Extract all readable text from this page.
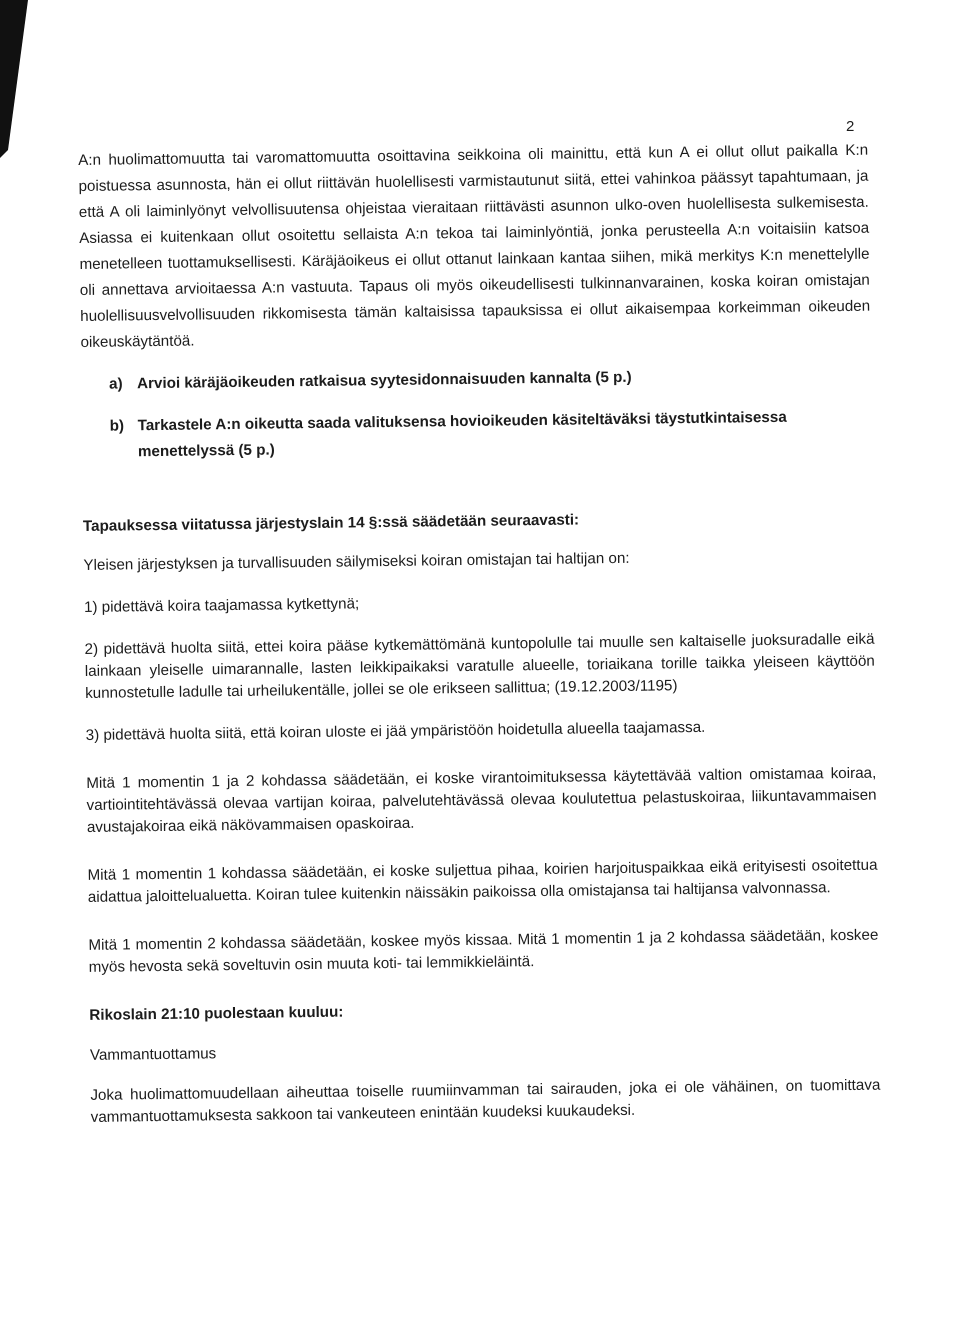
2

A:n huolimattomuutta tai varomattomuutta osoittavina seikkoina oli mainittu, että kun A ei ollut ollut paikalla K:n poistuessa asunnosta, hän ei ollut riittävän huolellisesti varmistautunut siitä, ettei vahinkoa päässyt tapahtumaan, ja että A oli laiminlyönyt velvollisuutensa ohjeistaa vieraitaan riittävästi asunnon ulko-oven huolellisesta sulkemisesta. Asiassa ei kuitenkaan ollut osoitettu sellaista A:n tekoa tai laiminlyöntiä, jonka perusteella A:n voitaisiin katsoa menetelleen tuottamuksellisesti. Käräjäoikeus ei ollut ottanut lainkaan kantaa siihen, mikä merkitys K:n menettelylle oli annettava arvioitaessa A:n vastuuta. Tapaus oli myös oikeudellisesti tulkinnanvarainen, koska koiran omistajan huolellisuusvelvollisuuden rikkomisesta tämän kaltaisissa tapauksissa ei ollut aikaisempaa korkeimman oikeuden oikeuskäytäntöä.

a) Arvioi käräjäoikeuden ratkaisua syytesidonnaisuuden kannalta (5 p.)
b) Tarkastele A:n oikeutta saada valituksensa hovioikeuden käsiteltäväksi täystutkintaisessa menettelyssä (5 p.)

Tapauksessa viitatussa järjestyslain 14 §:ssä säädetään seuraavasti:

Yleisen järjestyksen ja turvallisuuden säilymiseksi koiran omistajan tai haltijan on:

1) pidettävä koira taajamassa kytkettynä;

2) pidettävä huolta siitä, ettei koira pääse kytkemättömänä kuntopolulle tai muulle sen kaltaiselle juoksuradalle eikä lainkaan yleiselle uimarannalle, lasten leikkipaikaksi varatulle alueelle, toriaikana torille taikka yleiseen käyttöön kunnostetulle ladulle tai urheilukentälle, jollei se ole erikseen sallittua; (19.12.2003/1195)

3) pidettävä huolta siitä, että koiran uloste ei jää ympäristöön hoidetulla alueella taajamassa.

Mitä 1 momentin 1 ja 2 kohdassa säädetään, ei koske virantoimituksessa käytettävää valtion omistamaa koiraa, vartiointitehtävässä olevaa vartijan koiraa, palvelutehtävässä olevaa koulutettua pelastuskoiraa, liikuntavammaisen avustajakoiraa eikä näkövammaisen opaskoiraa.

Mitä 1 momentin 1 kohdassa säädetään, ei koske suljettua pihaa, koirien harjoituspaikkaa eikä erityisesti osoitettua aidattua jaloittelualuetta. Koiran tulee kuitenkin näissäkin paikoissa olla omistajansa tai haltijansa valvonnassa.

Mitä 1 momentin 2 kohdassa säädetään, koskee myös kissaa. Mitä 1 momentin 1 ja 2 kohdassa säädetään, koskee myös hevosta sekä soveltuvin osin muuta koti- tai lemmikkieläintä.

Rikoslain 21:10 puolestaan kuuluu:

Vammantuottamus

Joka huolimattomuudellaan aiheuttaa toiselle ruumiinvamman tai sairauden, joka ei ole vähäinen, on tuomittava vammantuottamuksesta sakkoon tai vankeuteen enintään kuudeksi kuukaudeksi.
